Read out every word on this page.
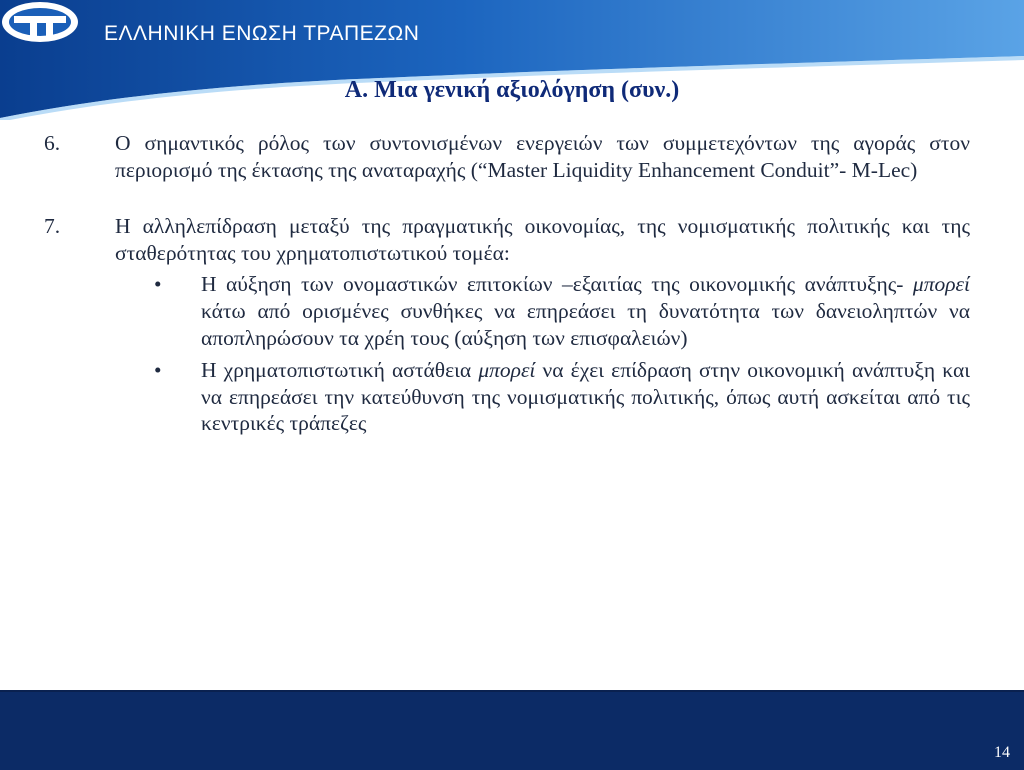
ΕΛΛΗΝΙΚΗ ΕΝΩΣΗ ΤΡΑΠΕΖΩΝ
Α. Μια γενική αξιολόγηση (συν.)
6.	Ο σημαντικός ρόλος των συντονισμένων ενεργειών των συμμετεχόντων της αγοράς στον περιορισμό της έκτασης της αναταραχής (“Master Liquidity Enhancement Conduit”- M-Lec)

7.	Η αλληλεπίδραση μεταξύ της πραγματικής οικονομίας, της νομισματικής πολιτικής και της σταθερότητας του χρηματοπιστωτικού τομέα:

• Η αύξηση των ονομαστικών επιτοκίων –εξαιτίας της οικονομικής ανάπτυξης- μπορεί κάτω από ορισμένες συνθήκες να επηρεάσει τη δυνατότητα των δανειοληπτών να αποπληρώσουν τα χρέη τους (αύξηση των επισφαλειών)

• Η χρηματοπιστωτική αστάθεια μπορεί να έχει επίδραση στην οικονομική ανάπτυξη και να επηρεάσει την κατεύθυνση της νομισματικής πολιτικής, όπως αυτή ασκείται από τις κεντρικές τράπεζες

14
